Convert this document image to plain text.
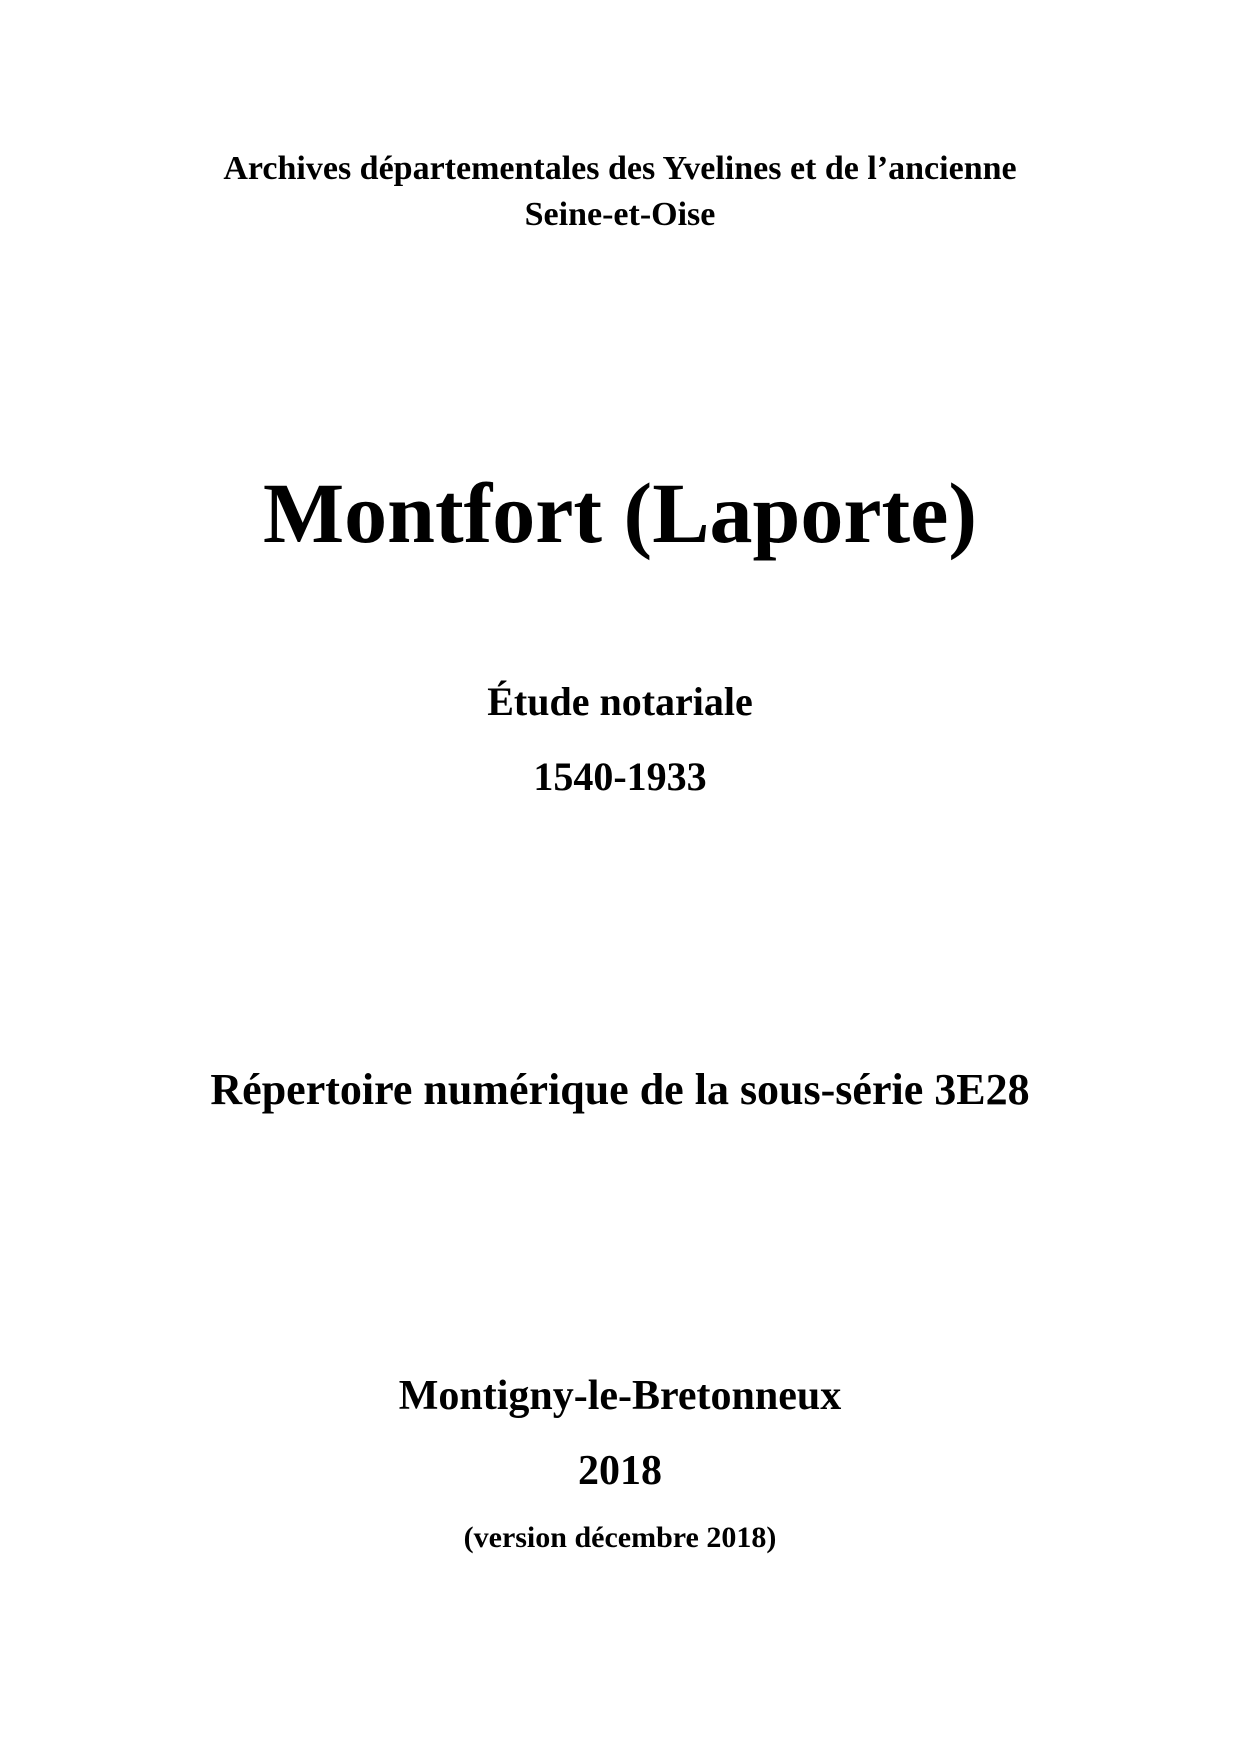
Archives départementales des Yvelines et de l’ancienne
Seine-et-Oise
Montfort (Laporte)
Étude notariale
1540-1933
Répertoire numérique de la sous-série 3E28
Montigny-le-Bretonneux
2018
(version décembre 2018)
